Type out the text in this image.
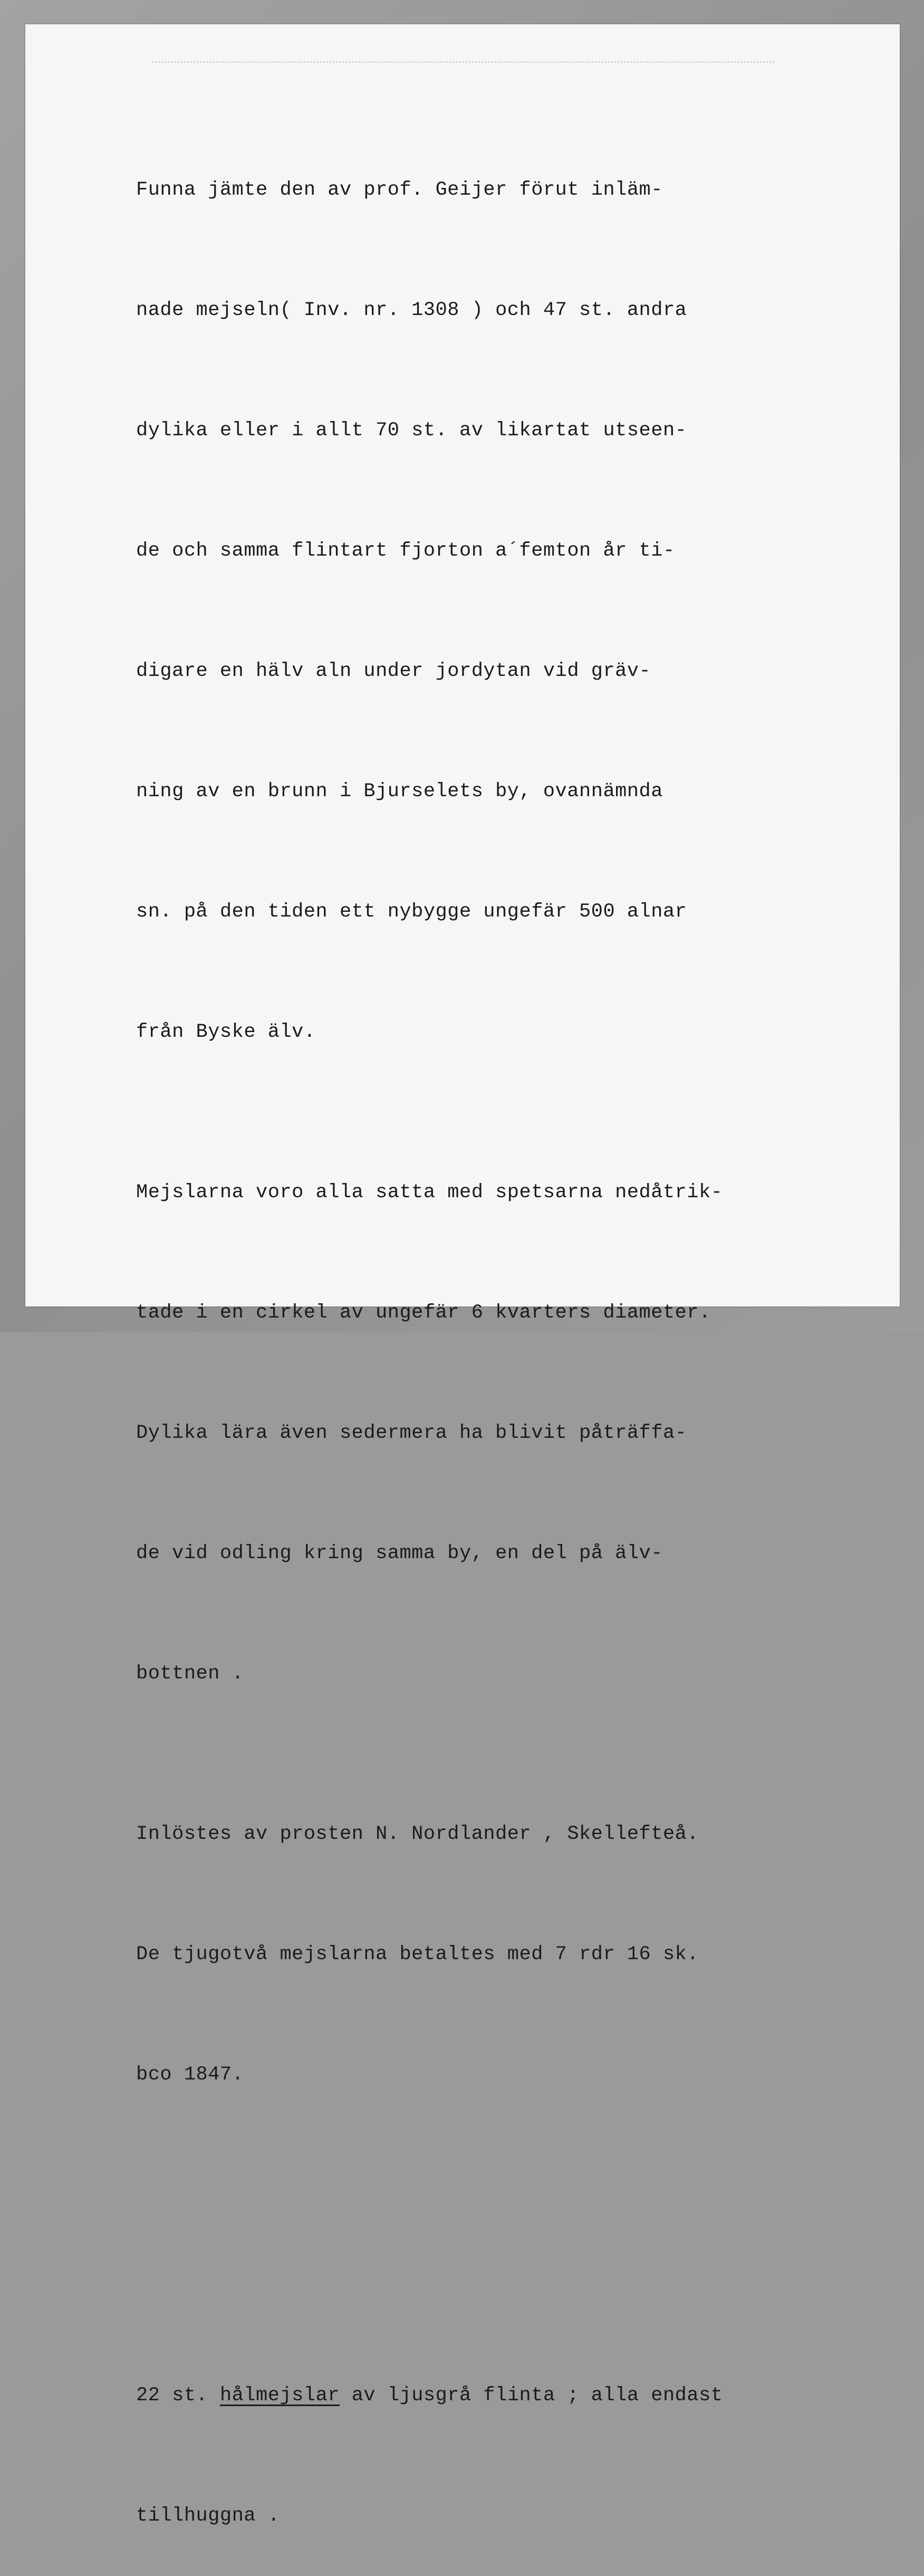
Funna jämte den av prof. Geijer förut inläm-

nade mejseln( Inv. nr. 1308 ) och 47 st. andra

dylika eller i allt 70 st. av likartat utseen-

de och samma flintart fjorton a´femton år ti-

digare en hälv aln under jordytan vid gräv-

ning av en brunn i Bjurselets by, ovannämnda

sn. på den tiden ett nybygge ungefär 500 alnar

från Byske älv.

Mejslarna voro alla satta med spetsarna nedåtrik-

tade i en cirkel av ungefär 6 kvarters diameter.

Dylika lära även sedermera ha blivit påträffa-

de vid odling kring samma by, en del på älv-

bottnen .

Inlöstes av prosten N. Nordlander , Skellefteå.

De tjugotvå mejslarna betaltes med 7 rdr 16 sk.

bco 1847.

22 st. hålmejslar av ljusgrå flinta ; alla endast

tillhuggna .
